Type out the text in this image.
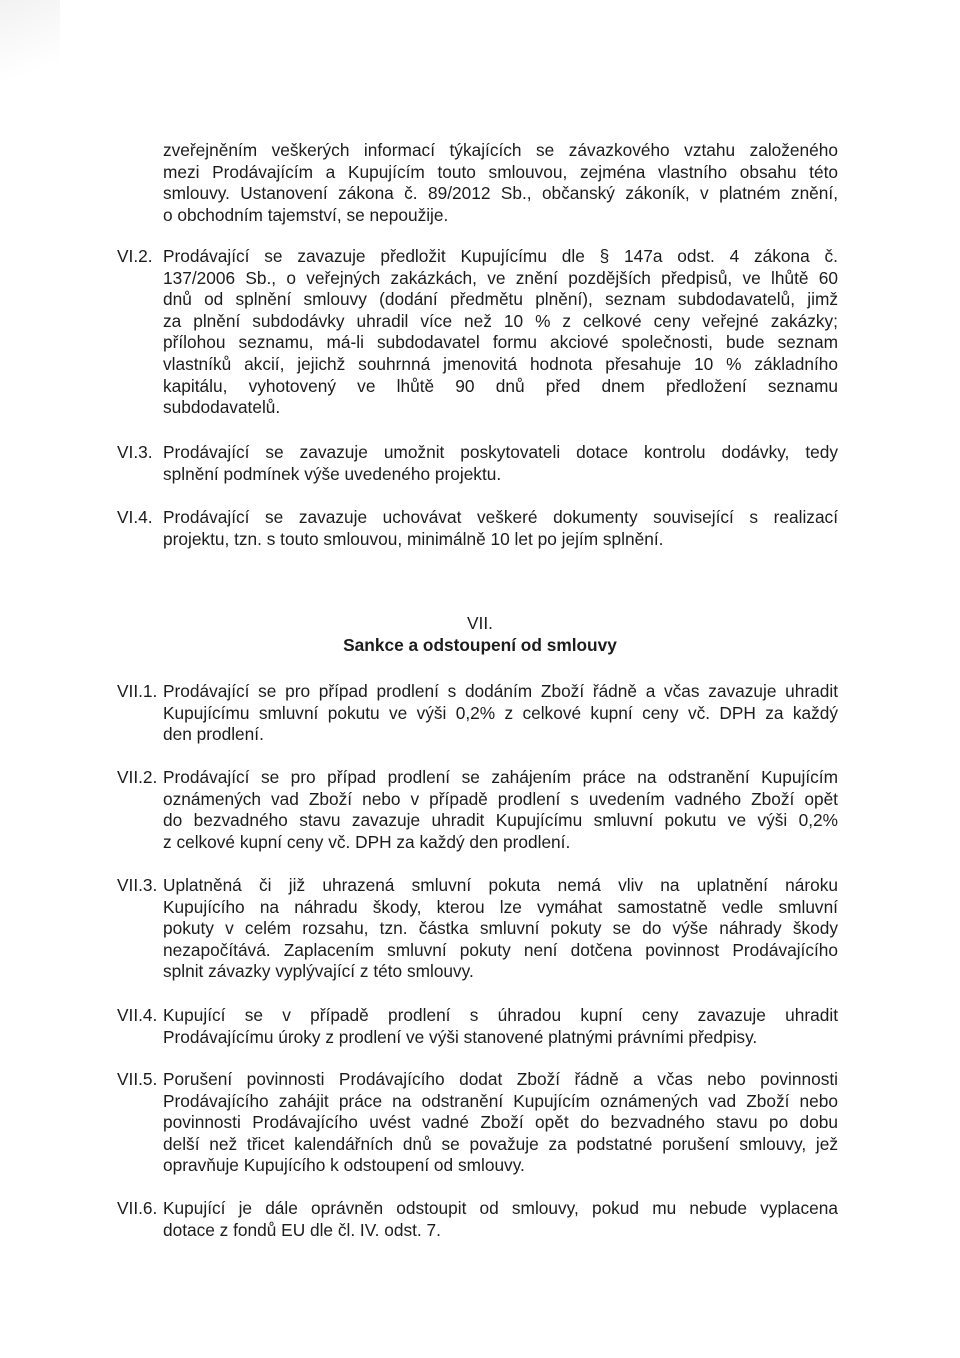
zveřejněním veškerých informací týkajících se závazkového vztahu založeného
mezi Prodávajícím a Kupujícím touto smlouvou, zejména vlastního obsahu této
smlouvy. Ustanovení zákona č. 89/2012 Sb., občanský zákoník, v platném znění,
o obchodním tajemství, se nepoužije.
VI.2. Prodávající se zavazuje předložit Kupujícímu dle § 147a odst. 4 zákona č.
137/2006 Sb., o veřejných zakázkách, ve znění pozdějších předpisů, ve lhůtě 60
dnů od splnění smlouvy (dodání předmětu plnění), seznam subdodavatelů, jimž
za plnění subdodávky uhradil více než 10 % z celkové ceny veřejné zakázky;
přílohou seznamu, má-li subdodavatel formu akciové společnosti, bude seznam
vlastníků akcií, jejichž souhrnná jmenovitá hodnota přesahuje 10 % základního
kapitálu, vyhotovený ve lhůtě 90 dnů před dnem předložení seznamu
subdodavatelů.
VI.3. Prodávající se zavazuje umožnit poskytovateli dotace kontrolu dodávky, tedy
splnění podmínek výše uvedeného projektu.
VI.4. Prodávající se zavazuje uchovávat veškeré dokumenty související s realizací
projektu, tzn. s touto smlouvou, minimálně 10 let po jejím splnění.
VII.
Sankce a odstoupení od smlouvy
VII.1. Prodávající se pro případ prodlení s dodáním Zboží řádně a včas zavazuje uhradit
Kupujícímu smluvní pokutu ve výši 0,2% z celkové kupní ceny vč. DPH za každý
den prodlení.
VII.2. Prodávající se pro případ prodlení se zahájením práce na odstranění Kupujícím
oznámených vad Zboží nebo v případě prodlení s uvedením vadného Zboží opět
do bezvadného stavu zavazuje uhradit Kupujícímu smluvní pokutu ve výši 0,2%
z celkové kupní ceny vč. DPH za každý den prodlení.
VII.3. Uplatněná či již uhrazená smluvní pokuta nemá vliv na uplatnění nároku
Kupujícího na náhradu škody, kterou lze vymáhat samostatně vedle smluvní
pokuty v celém rozsahu, tzn. částka smluvní pokuty se do výše náhrady škody
nezapočítává. Zaplacením smluvní pokuty není dotčena povinnost Prodávajícího
splnit závazky vyplývající z této smlouvy.
VII.4. Kupující se v případě prodlení s úhradou kupní ceny zavazuje uhradit
Prodávajícímu úroky z prodlení ve výši stanovené platnými právními předpisy.
VII.5. Porušení povinnosti Prodávajícího dodat Zboží řádně a včas nebo povinnosti
Prodávajícího zahájit práce na odstranění Kupujícím oznámených vad Zboží nebo
povinnosti Prodávajícího uvést vadné Zboží opět do bezvadného stavu po dobu
delší než třicet kalendářních dnů se považuje za podstatné porušení smlouvy, jež
opravňuje Kupujícího k odstoupení od smlouvy.
VII.6. Kupující je dále oprávněn odstoupit od smlouvy, pokud mu nebude vyplacena
dotace z fondů EU dle čl. IV. odst. 7.
